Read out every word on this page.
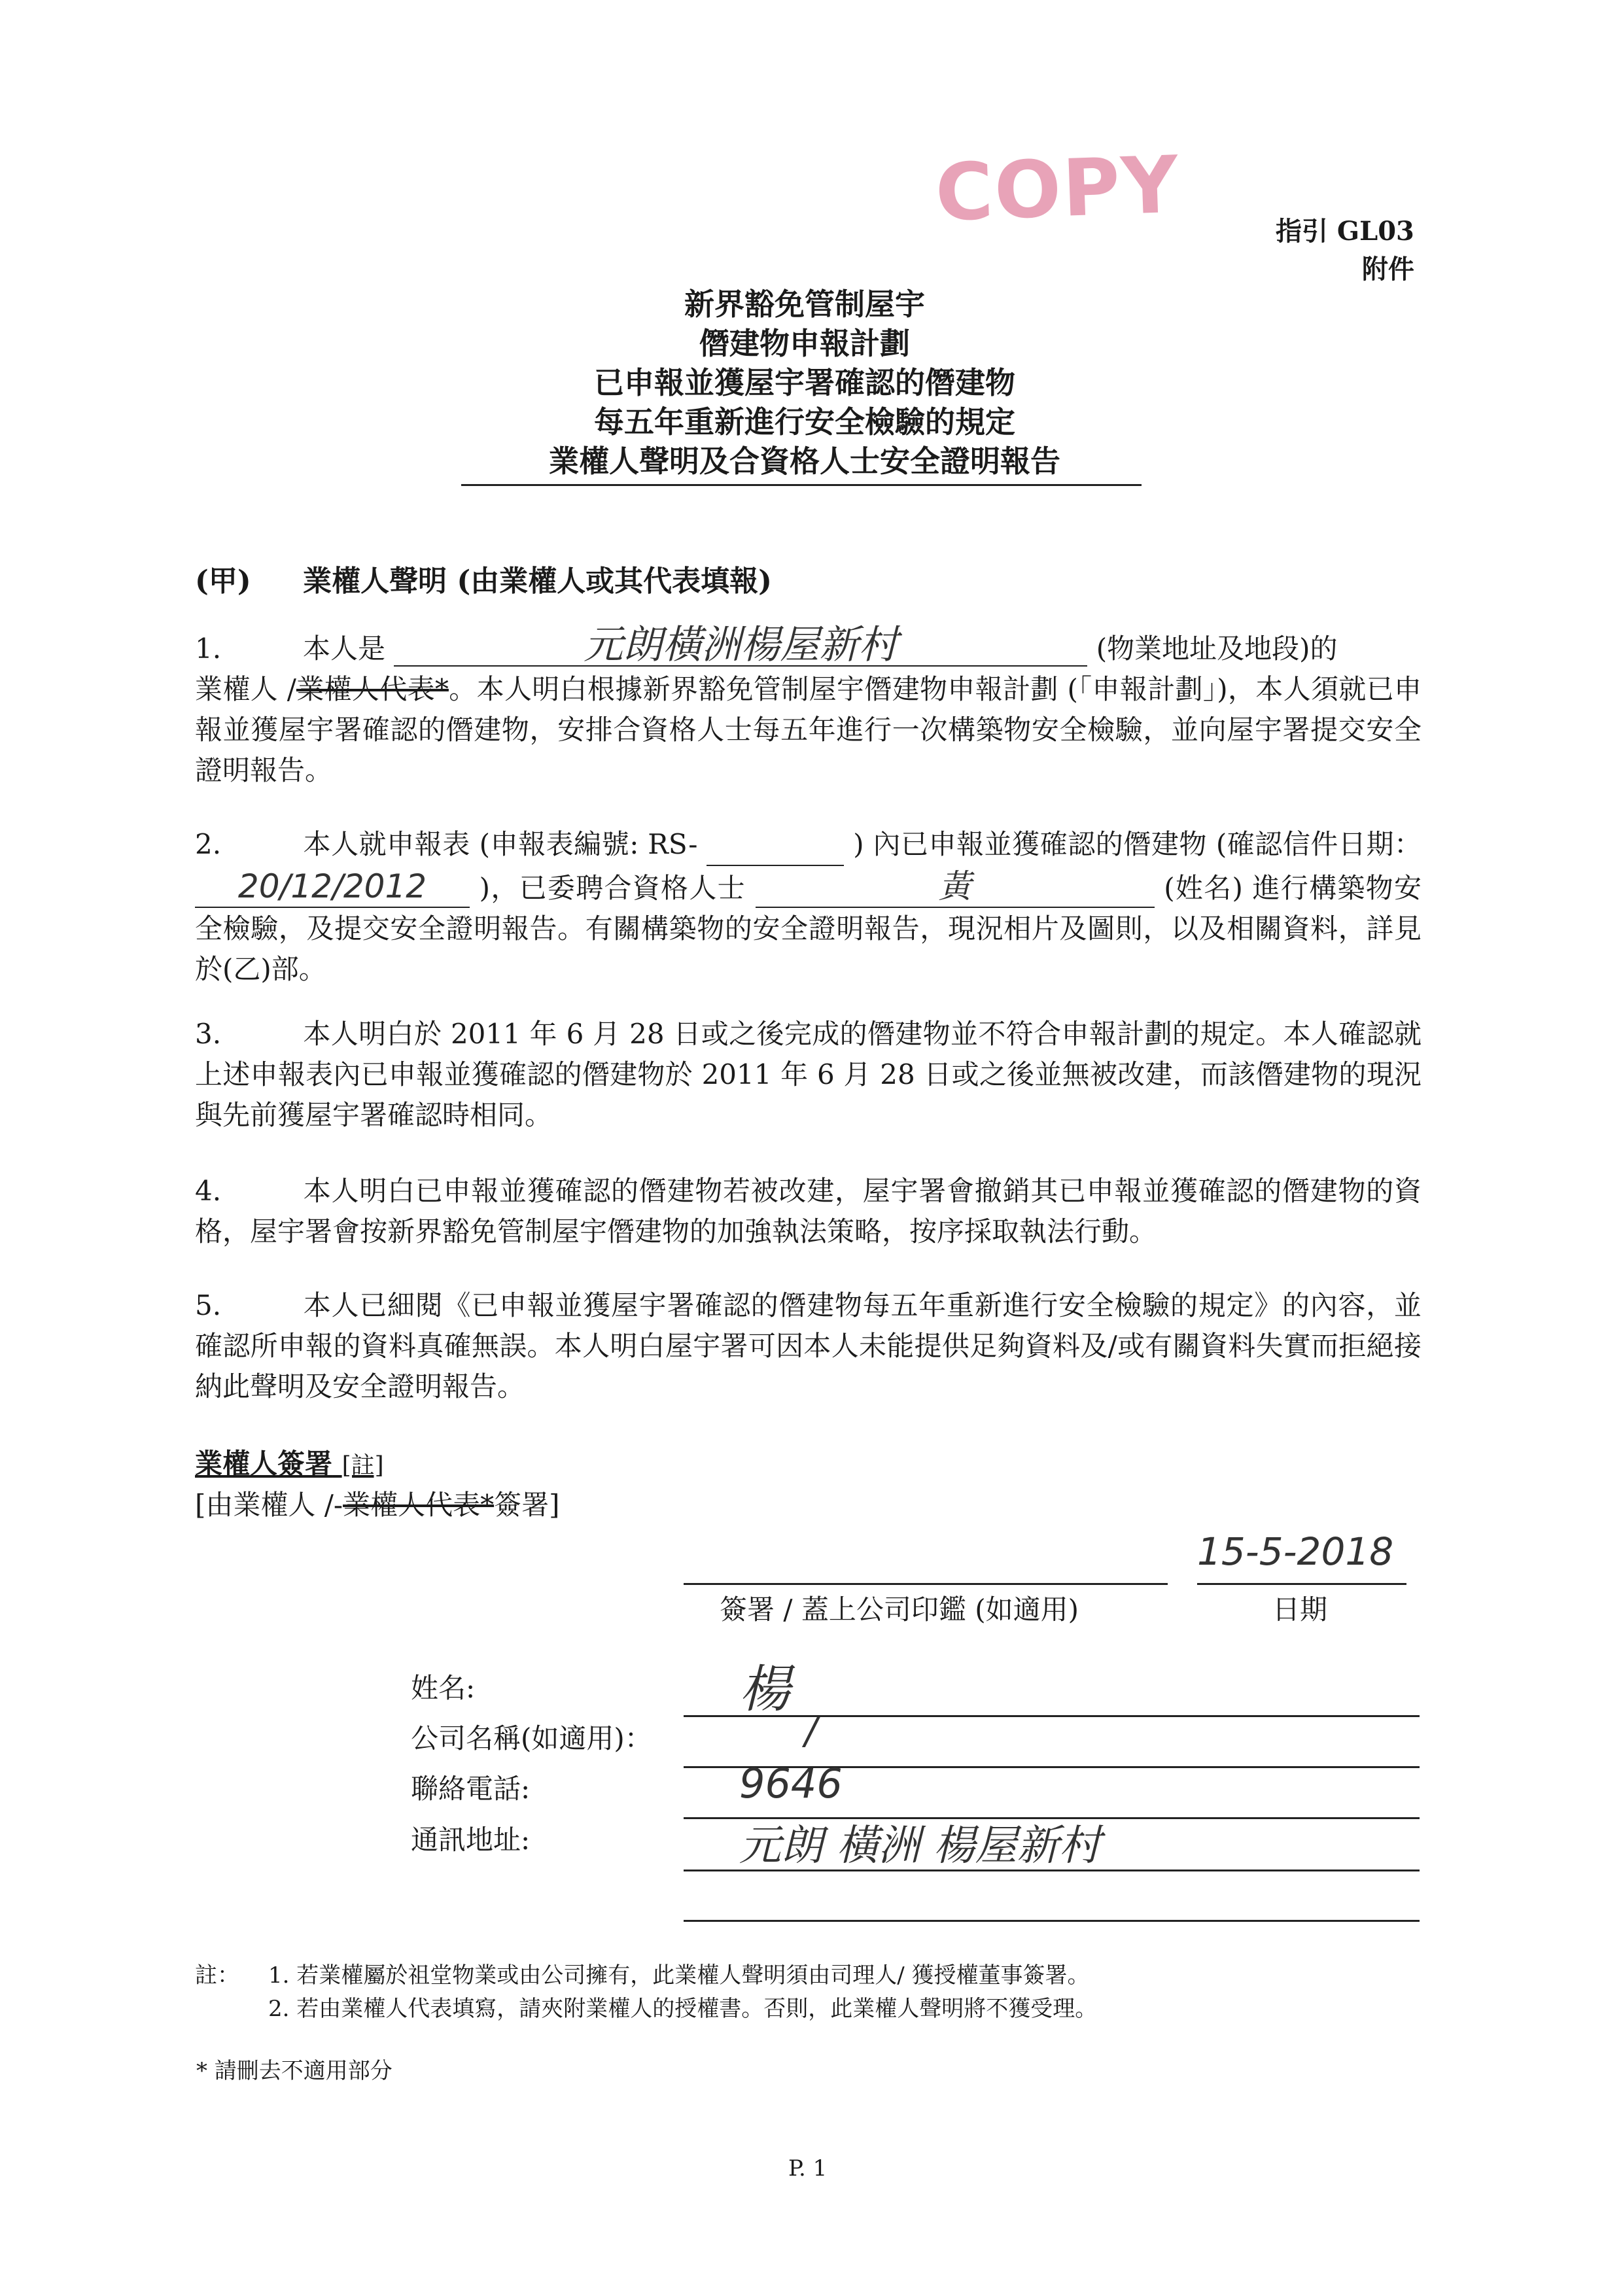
COPY	指引 GL03
附件
新界豁免管制屋宇
僭建物申報計劃
已申報並獲屋宇署確認的僭建物
每五年重新進行安全檢驗的規定
業權人聲明及合資格人士安全證明報告
(甲) 業權人聲明 (由業權人或其代表填報)
1.	本人是	元朗橫洲楊屋新村	(物業地址及地段)的
業權人 /業權人代表*。本人明白根據新界豁免管制屋宇僭建物申報計劃 (「申報計劃」)，本人須就已申報並獲屋宇署確認的僭建物，安排合資格人士每五年進行一次構築物安全檢驗，並向屋宇署提交安全證明報告。
2.	本人就申報表 (申報表編號: RS-	) 內已申報並獲確認的僭建物 (確認信件日期： 20/12/2012 )，已委聘合資格人士	黃	(姓名) 進行構築物安全檢驗，及提交安全證明報告。有關構築物的安全證明報告，現況相片及圖則，以及相關資料，詳見於(乙)部。
3.	本人明白於 2011 年 6 月 28 日或之後完成的僭建物並不符合申報計劃的規定。本人確認就上述申報表內已申報並獲確認的僭建物於 2011 年 6 月 28 日或之後並無被改建，而該僭建物的現況與先前獲屋宇署確認時相同。
4.	本人明白已申報並獲確認的僭建物若被改建，屋宇署會撤銷其已申報並獲確認的僭建物的資格，屋宇署會按新界豁免管制屋宇僭建物的加強執法策略，按序採取執法行動。
5.	本人已細閱《已申報並獲屋宇署確認的僭建物每五年重新進行安全檢驗的規定》的內容，並確認所申報的資料真確無誤。本人明白屋宇署可因本人未能提供足夠資料及/或有關資料失實而拒絕接納此聲明及安全證明報告。
業權人簽署 [註]
[由業權人 /-業權人代表*簽署]
15-5-2018
簽署 / 蓋上公司印鑑 (如適用)	日期
姓名:	楊
公司名稱(如適用)：	/
聯絡電話:	9646
通訊地址:	元朗 橫洲 楊屋新村
註： 1. 若業權屬於祖堂物業或由公司擁有，此業權人聲明須由司理人/ 獲授權董事簽署。
2. 若由業權人代表填寫，請夾附業權人的授權書。否則，此業權人聲明將不獲受理。
* 請刪去不適用部分
P. 1
